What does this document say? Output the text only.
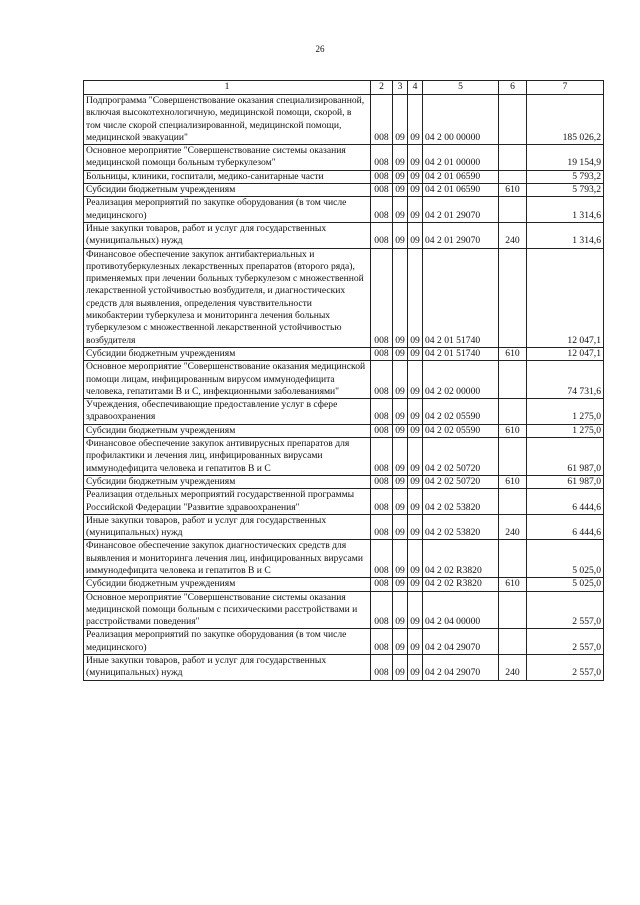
26
1	2	3	4	5	6	7
Подпрограмма "Совершенствование оказания специализированной, включая высокотехнологичную, медицинской помощи, скорой, в том числе скорой специализированной, медицинской помощи, медицинской эвакуации"	008	09	09	04 2 00 00000		185 026,2
Основное мероприятие "Совершенствование системы оказания медицинской помощи больным туберкулезом"	008	09	09	04 2 01 00000		19 154,9
Больницы, клиники, госпитали, медико-санитарные части	008	09	09	04 2 01 06590		5 793,2
Субсидии бюджетным учреждениям	008	09	09	04 2 01 06590	610	5 793,2
Реализация мероприятий по закупке оборудования (в том числе медицинского)	008	09	09	04 2 01 29070		1 314,6
Иные закупки товаров, работ и услуг для государственных (муниципальных) нужд	008	09	09	04 2 01 29070	240	1 314,6
Финансовое обеспечение закупок антибактериальных и противотуберкулезных лекарственных препаратов (второго ряда), применяемых при лечении больных туберкулезом с множественной лекарственной устойчивостью возбудителя, и диагностических средств для выявления, определения чувствительности микобактерии туберкулеза и мониторинга лечения больных туберкулезом с множественной лекарственной устойчивостью возбудителя	008	09	09	04 2 01 51740		12 047,1
Субсидии бюджетным учреждениям	008	09	09	04 2 01 51740	610	12 047,1
Основное мероприятие "Совершенствование оказания медицинской помощи лицам, инфицированным вирусом иммунодефицита человека, гепатитами В и С, инфекционными заболеваниями"	008	09	09	04 2 02 00000		74 731,6
Учреждения, обеспечивающие предоставление услуг в сфере здравоохранения	008	09	09	04 2 02 05590		1 275,0
Субсидии бюджетным учреждениям	008	09	09	04 2 02 05590	610	1 275,0
Финансовое обеспечение закупок антивирусных препаратов для профилактики и лечения лиц, инфицированных вирусами иммунодефицита человека и гепатитов В и С	008	09	09	04 2 02 50720		61 987,0
Субсидии бюджетным учреждениям	008	09	09	04 2 02 50720	610	61 987,0
Реализация отдельных мероприятий государственной программы Российской Федерации "Развитие здравоохранения"	008	09	09	04 2 02 53820		6 444,6
Иные закупки товаров, работ и услуг для государственных (муниципальных) нужд	008	09	09	04 2 02 53820	240	6 444,6
Финансовое обеспечение закупок диагностических средств для выявления и мониторинга лечения лиц, инфицированных вирусами иммунодефицита человека и гепатитов В и С	008	09	09	04 2 02 R3820		5 025,0
Субсидии бюджетным учреждениям	008	09	09	04 2 02 R3820	610	5 025,0
Основное мероприятие "Совершенствование системы оказания медицинской помощи больным с психическими расстройствами и расстройствами поведения"	008	09	09	04 2 04 00000		2 557,0
Реализация мероприятий по закупке оборудования (в том числе медицинского)	008	09	09	04 2 04 29070		2 557,0
Иные закупки товаров, работ и услуг для государственных (муниципальных) нужд	008	09	09	04 2 04 29070	240	2 557,0
